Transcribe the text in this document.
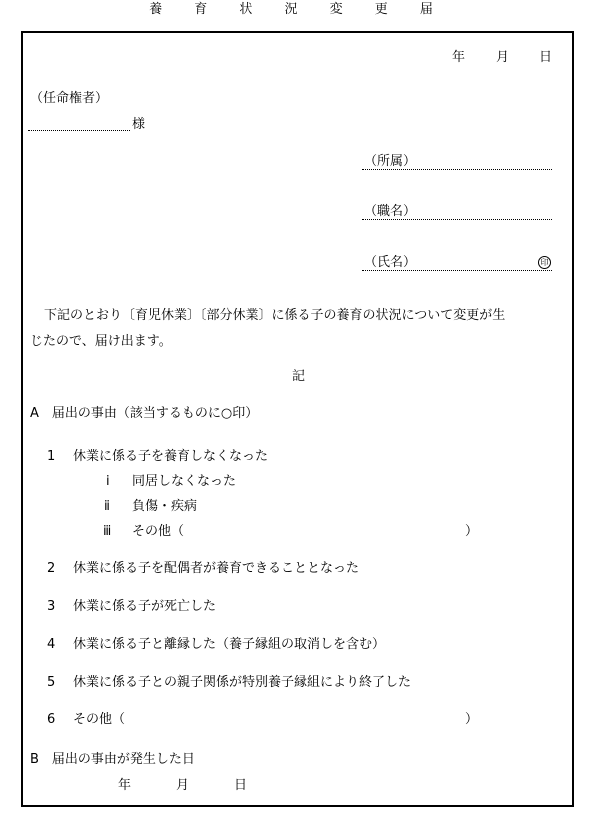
養 育 状 況 変 更 届
年 月 日
（任命権者）
様
（所属）
（職名）
（氏名）	印
下記のとおり〔育児休業〕〔部分休業〕に係る子の養育の状況について変更が生
じたので、届け出ます。
記
A　届出の事由（該当するものに○印）
1 休業に係る子を養育しなくなった
ⅰ 同居しなくなった
ⅱ 負傷・疾病
ⅲ その他（	）
2 休業に係る子を配偶者が養育できることとなった
3 休業に係る子が死亡した
4 休業に係る子と離縁した（養子縁組の取消しを含む）
5 休業に係る子との親子関係が特別養子縁組により終了した
6 その他（	）
B　届出の事由が発生した日
年	月	日
